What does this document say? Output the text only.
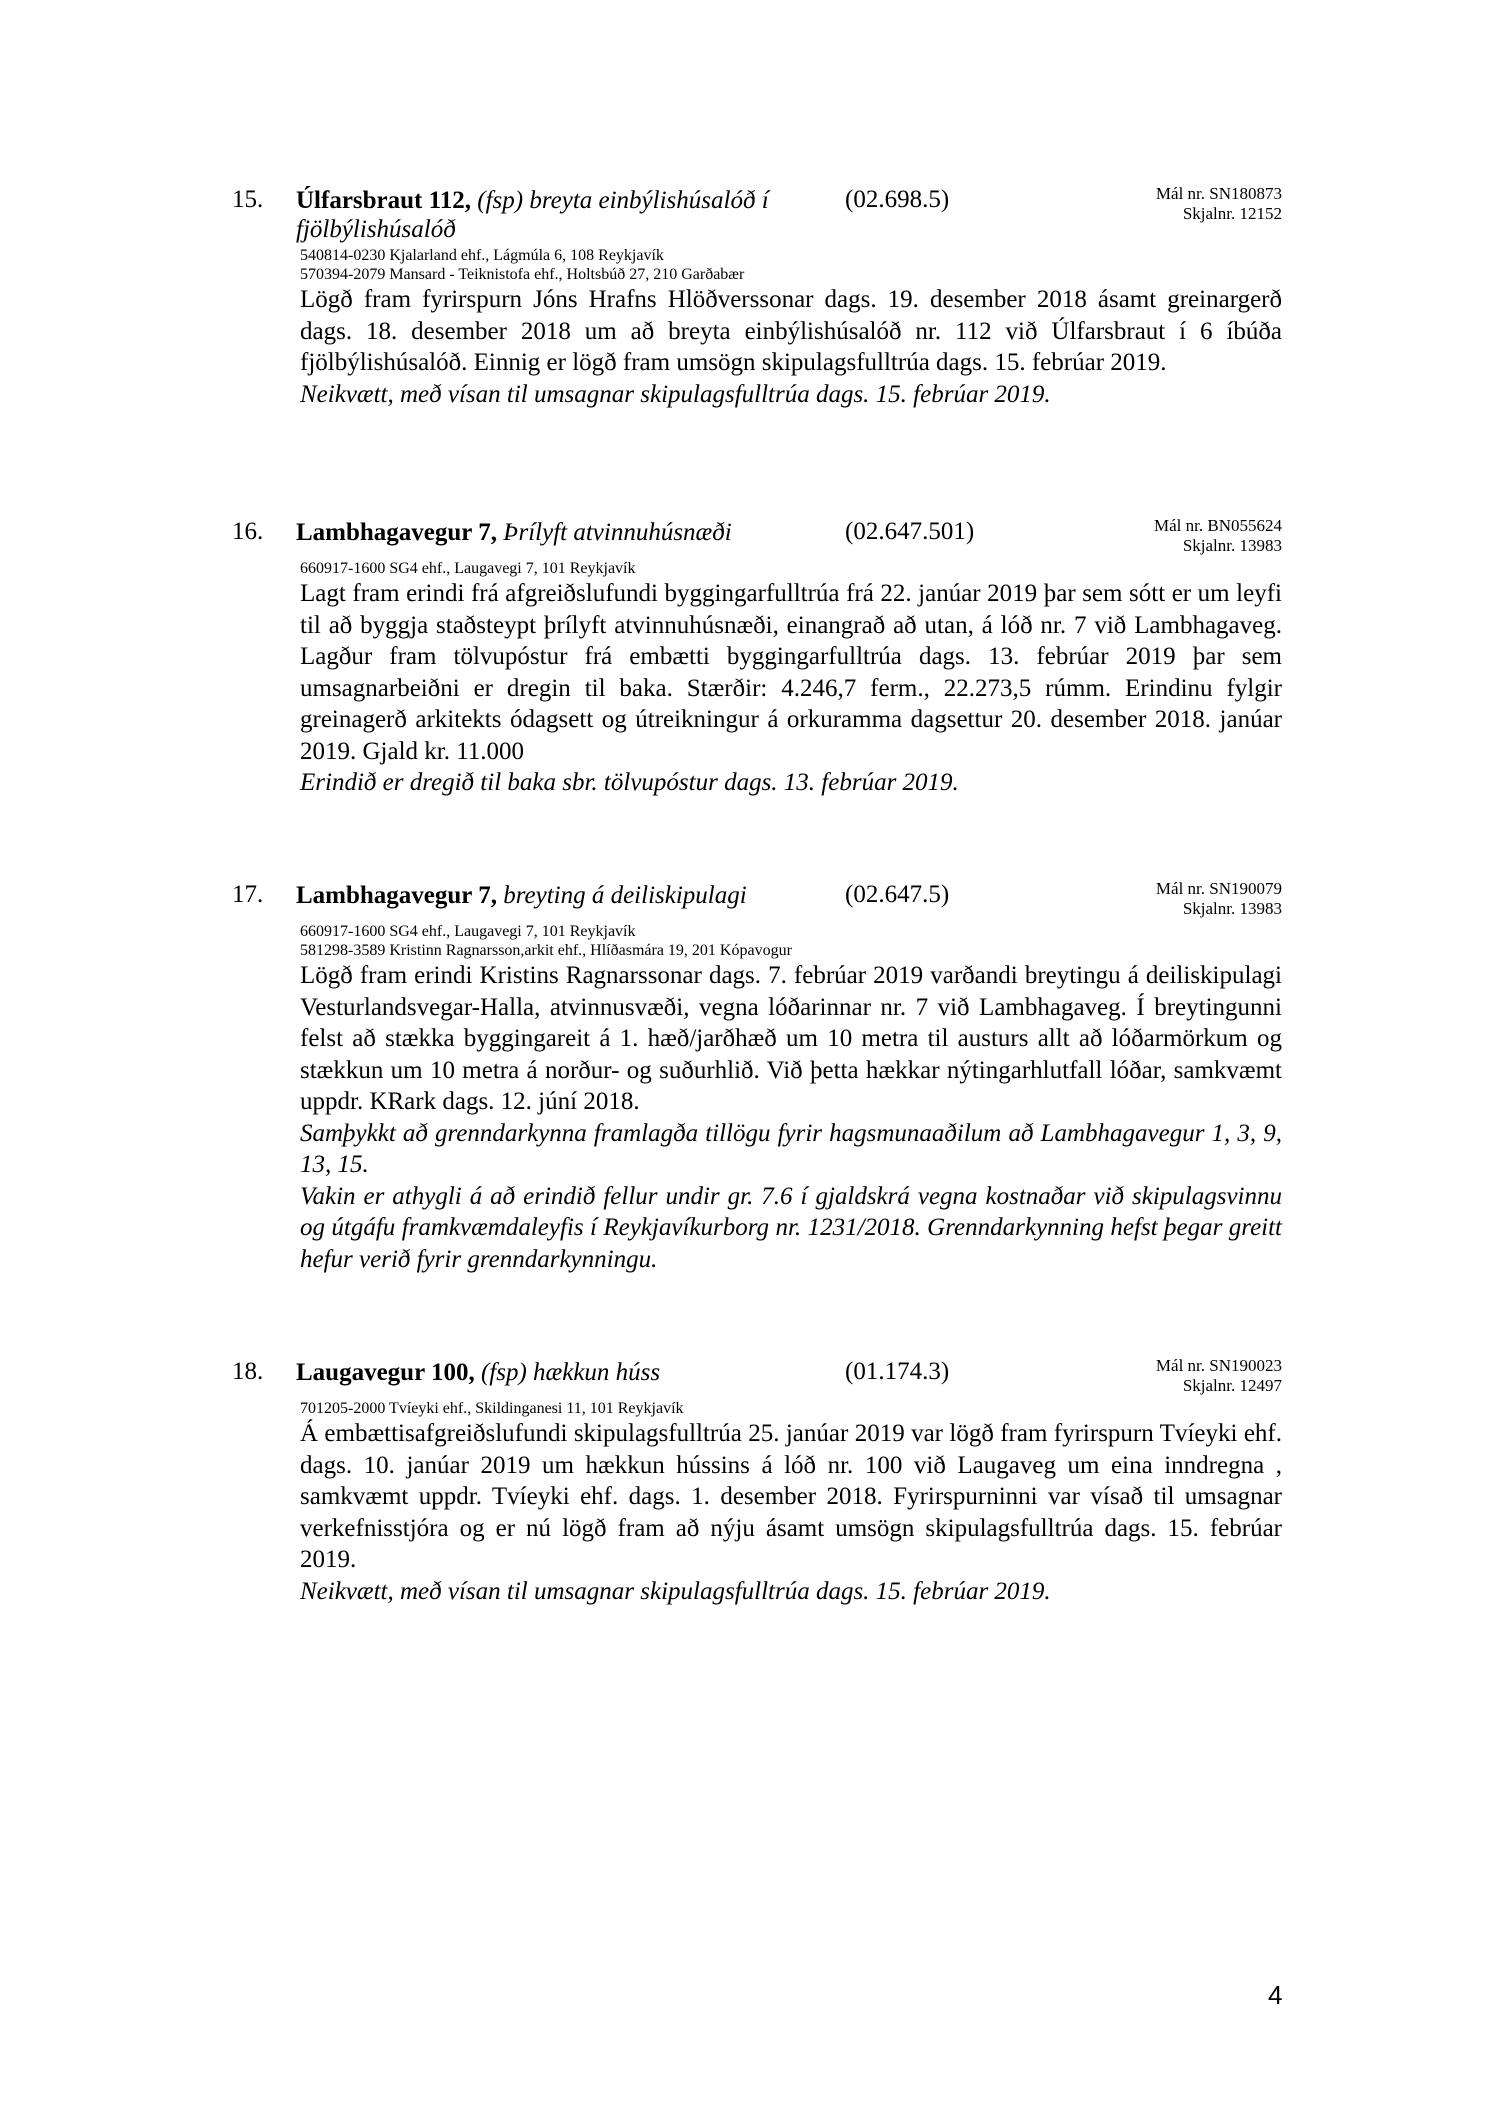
15. Úlfarsbraut 112, (fsp) breyta einbýlishúsalóð í fjölbýlishúsalóð
(02.698.5)	Mál nr. SN180873
Skjalnr. 12152
540814-0230 Kjalarland ehf., Lágmúla 6, 108 Reykjavík
570394-2079 Mansard - Teiknistofa ehf., Holtsbúð 27, 210 Garðabær

Lögð fram fyrirspurn Jóns Hrafns Hlöðverssonar dags. 19. desember 2018 ásamt greinargerð dags. 18. desember 2018 um að breyta einbýlishúsalóð nr. 112 við Úlfarsbraut í 6 íbúða fjölbýlishúsalóð. Einnig er lögð fram umsögn skipulagsfulltrúa dags. 15. febrúar 2019.

Neikvætt, með vísan til umsagnar skipulagsfulltrúa dags. 15. febrúar 2019.

16. Lambhagavegur 7, Þrílyft atvinnuhúsnæði	(02.647.501)	Mál nr. BN055624
Skjalnr. 13983
660917-1600 SG4 ehf., Laugavegi 7, 101 Reykjavík

Lagt fram erindi frá afgreiðslufundi byggingarfulltrúa frá 22. janúar 2019 þar sem sótt er um leyfi til að byggja staðsteypt þrílyft atvinnuhúsnæði, einangrað að utan, á lóð nr. 7 við Lambhagaveg. Lagður fram tölvupóstur frá embætti byggingarfulltrúa dags. 13. febrúar 2019 þar sem umsagnarbeiðni er dregin til baka. Stærðir: 4.246,7 ferm., 22.273,5 rúmm. Erindinu fylgir greinagerð arkitekts ódagsett og útreikningur á orkuramma dagsettur 20. desember 2018. janúar 2019. Gjald kr. 11.000

Erindið er dregið til baka sbr. tölvupóstur dags. 13. febrúar 2019.

17. Lambhagavegur 7, breyting á deiliskipulagi	(02.647.5)	Mál nr. SN190079
Skjalnr. 13983
660917-1600 SG4 ehf., Laugavegi 7, 101 Reykjavík
581298-3589 Kristinn Ragnarsson,arkit ehf., Hlíðasmára 19, 201 Kópavogur

Lögð fram erindi Kristins Ragnarssonar dags. 7. febrúar 2019 varðandi breytingu á deiliskipulagi Vesturlandsvegar-Halla, atvinnusvæði, vegna lóðarinnar nr. 7 við Lambhagaveg. Í breytingunni felst að stækka byggingareit á 1. hæð/jarðhæð um 10 metra til austurs allt að lóðarmörkum og stækkun um 10 metra á norður- og suðurhlið. Við þetta hækkar nýtingarhlutfall lóðar, samkvæmt uppdr. KRark dags. 12. júní 2018.

Samþykkt að grenndarkynna framlagða tillögu fyrir hagsmunaaðilum að Lambhagavegur 1, 3, 9, 13, 15.

Vakin er athygli á að erindið fellur undir gr. 7.6 í gjaldskrá vegna kostnaðar við skipulagsvinnu og útgáfu framkvæmdaleyfis í Reykjavíkurborg nr. 1231/2018. Grenndarkynning hefst þegar greitt hefur verið fyrir grenndarkynningu.

18. Laugavegur 100, (fsp) hækkun húss	(01.174.3)	Mál nr. SN190023
Skjalnr. 12497
701205-2000 Tvíeyki ehf., Skildinganesi 11, 101 Reykjavík

Á embættisafgreiðslufundi skipulagsfulltrúa 25. janúar 2019 var lögð fram fyrirspurn Tvíeyki ehf. dags. 10. janúar 2019 um hækkun hússins á lóð nr. 100 við Laugaveg um eina inndregna , samkvæmt uppdr. Tvíeyki ehf. dags. 1. desember 2018. Fyrirspurninni var vísað til umsagnar verkefnisstjóra og er nú lögð fram að nýju ásamt umsögn skipulagsfulltrúa dags. 15. febrúar 2019.

Neikvætt, með vísan til umsagnar skipulagsfulltrúa dags. 15. febrúar 2019.

4
